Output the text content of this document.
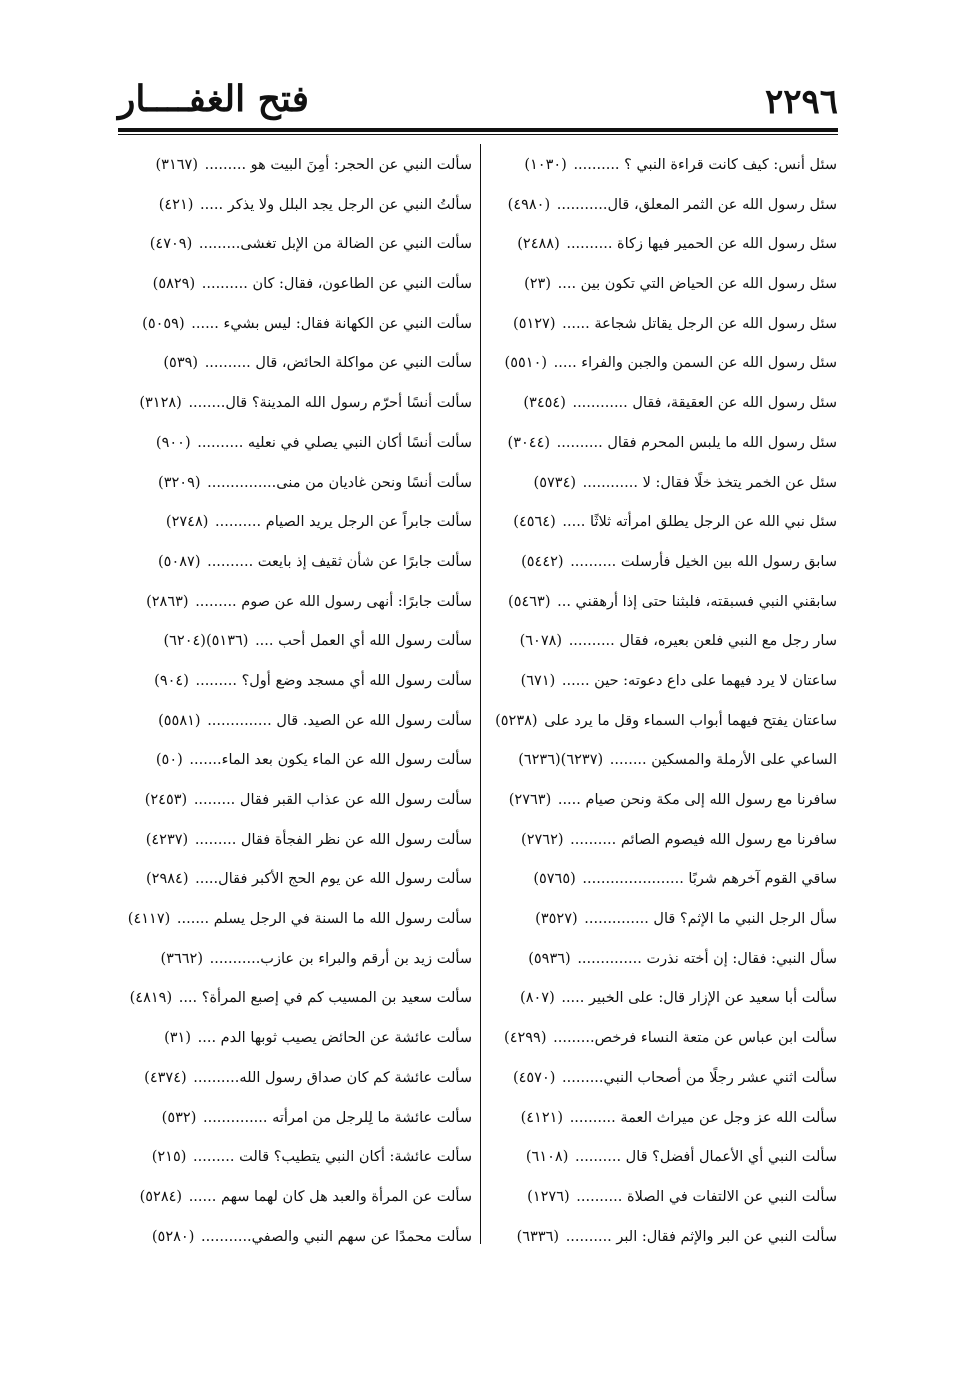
٢٢٩٦
فتح الغفــــار
سئل أنس: كيف كانت قراءة النبي ؟ .......... (١٠٣٠)
سئل رسول الله عن الثمر المعلق، قال........... (٤٩٨٠)
سئل رسول الله عن الحمير فيها زكاة .......... (٢٤٨٨)
سئل رسول الله عن الحياض التي تكون بين .... (٢٣)
سئل رسول الله عن الرجل يقاتل شجاعة ...... (٥١٢٧)
سئل رسول الله عن السمن والجبن والفراء ..... (٥٥١٠)
سئل رسول الله عن العقيقة، فقال ............ (٣٤٥٤)
سئل رسول الله ما يلبس المحرم فقال .......... (٣٠٤٤)
سئل عن الخمر يتخذ خلًا فقال: لا ............ (٥٧٣٤)
سئل نبي الله عن الرجل يطلق امرأته ثلاثًا ..... (٤٥٦٤)
سابق رسول الله بين الخيل فأرسلت .......... (٥٤٤٢)
سابقني النبي فسبقته، فلبثنا حتى إذا أرهقني ... (٥٤٦٣)
سار رجل مع النبي فلعن بعيره، فقال .......... (٦٠٧٨)
ساعتان لا يرد فيهما على داع دعوته: حين ...... (٦٧١)
ساعتان يفتح فيهما أبواب السماء وقل ما يرد على (٥٢٣٨)
الساعي على الأرملة والمسكين ........ (٦٢٣٧)(٦٢٣٦)
سافرنا مع رسول الله إلى مكة ونحن صيام ..... (٢٧٦٣)
سافرنا مع رسول الله فيصوم الصائم .......... (٢٧٦٢)
ساقي القوم آخرهم شربًا ...................... (٥٧٦٥)
سأل الرجل النبي ما الإثم؟ قال .............. (٣٥٢٧)
سأل النبي: فقال: إن أخته نذرت .............. (٥٩٣٦)
سألت أبا سعيد عن الإزار قال: على الخبير ..... (٨٠٧)
سألت ابن عباس عن متعة النساء فرخص......... (٤٢٩٩)
سألت اثني عشر رجلًا من أصحاب النبي......... (٤٥٧٠)
سألت الله عز وجل عن ميراث العمة .......... (٤١٢١)
سألت النبي أي الأعمال أفضل؟ قال .......... (٦١٠٨)
سألت النبي عن الالتفات في الصلاة .......... (١٢٧٦)
سألت النبي عن البر والإثم فقال: البر .......... (٦٣٣٦)
سألت النبي عن الحجر: أمِنَ البيت هو ......... (٣١٦٧)
سألتُ النبي عن الرجل يجد البلل ولا يذكر ..... (٤٢١)
سألت النبي عن الضالة من الإبل تغشى......... (٤٧٠٩)
سألت النبي عن الطاعون، فقال: كان .......... (٥٨٢٩)
سألت النبي عن الكهانة فقال: ليس بشيء ...... (٥٠٥٩)
سألت النبي عن مواكلة الحائض، قال .......... (٥٣٩)
سألت أنسًا أحرّم رسول الله المدينة؟ قال........ (٣١٢٨)
سألت أنسًا أكان النبي يصلي في نعليه .......... (٩٠٠)
سألت أنسًا ونحن غاديان من منى............... (٣٢٠٩)
سألت جابراً عن الرجل يريد الصيام .......... (٢٧٤٨)
سألت جابرًا عن شأن ثقيف إذ بايعت .......... (٥٠٨٧)
سألت جابرًا: أنهى رسول الله عن صوم ......... (٢٨٦٣)
سألت رسول الله أي العمل أحب .... (٥١٣٦)(٦٢٠٤)
سألت رسول الله أي مسجد وضع أول؟ ......... (٩٠٤)
سألت رسول الله عن الصيد. قال .............. (٥٥٨١)
سألت رسول الله عن الماء يكون بعد الماء....... (٥٠)
سألت رسول الله عن عذاب القبر فقال ......... (٢٤٥٣)
سألت رسول الله عن نظر الفجأة فقال ......... (٤٢٣٧)
سألت رسول الله عن يوم الحج الأكبر فقال..... (٢٩٨٤)
سألت رسول الله ما السنة في الرجل يسلم ....... (٤١١٧)
سألت زيد بن أرقم والبراء بن عازب........... (٣٦٦٢)
سألت سعيد بن المسيب كم في إصبع المرأة؟ .... (٤٨١٩)
سألت عائشة عن الحائض يصيب ثوبها الدم .... (٣١)
سألت عائشة كم كان صداق رسول الله.......... (٤٣٧٤)
سألت عائشة ما لِلرجل من امرأته .............. (٥٣٢)
سألت عائشة: أكان النبي يتطيب؟ قالت ......... (٢١٥)
سألت عن المرأة والعبد هل كان لهما سهم ...... (٥٢٨٤)
سألت محمدًا عن سهم النبي والصفي........... (٥٢٨٠)
